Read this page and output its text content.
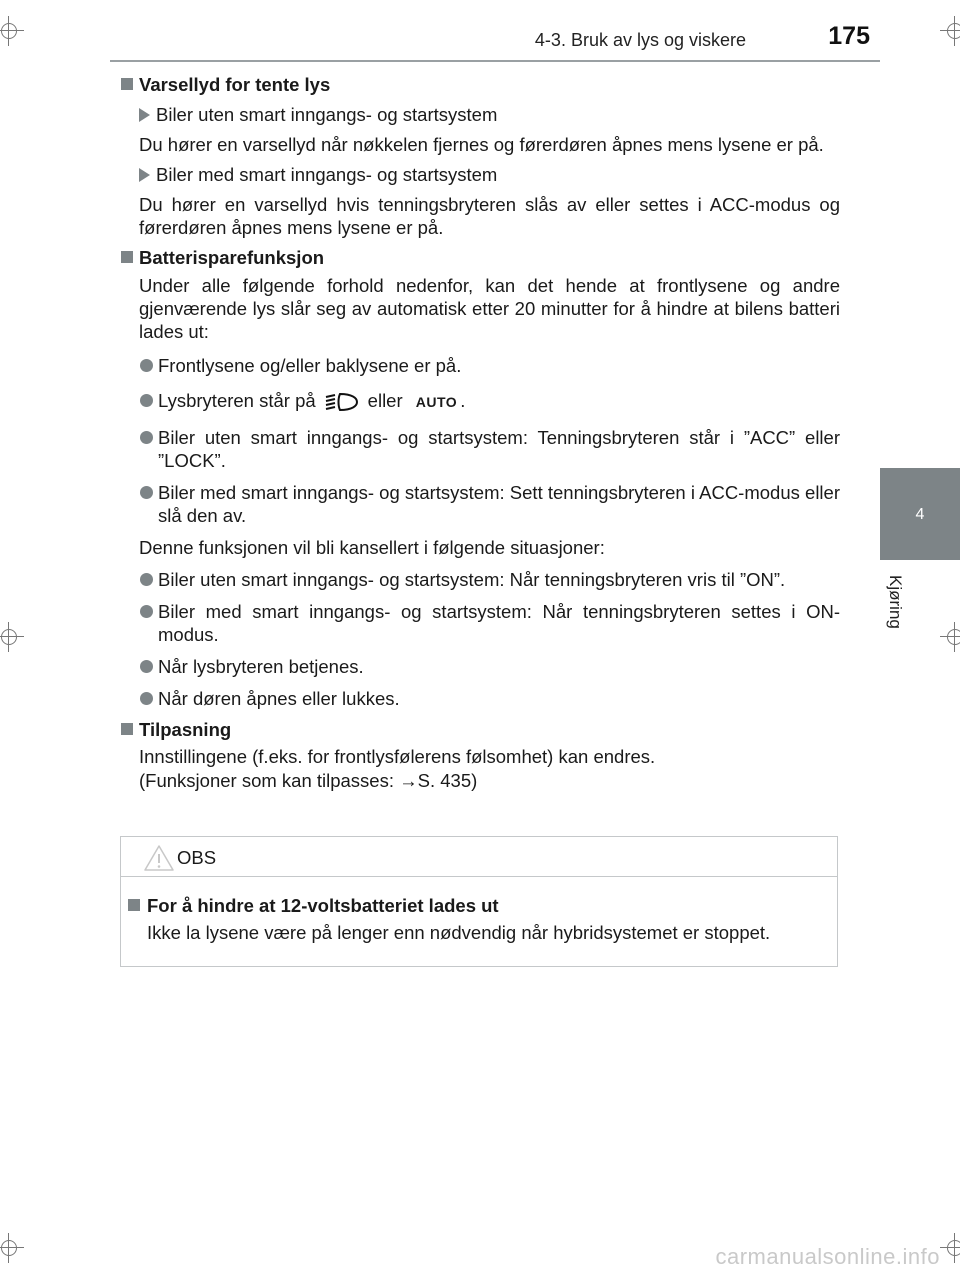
4-3. Bruk av lys og viskere	175
4
Kjøring
Varsellyd for tente lys
Biler uten smart inngangs- og startsystem
Du hører en varsellyd når nøkkelen fjernes og førerdøren åpnes mens lysene er på.
Biler med smart inngangs- og startsystem
Du hører en varsellyd hvis tenningsbryteren slås av eller settes i ACC-modus og førerdøren åpnes mens lysene er på.
Batterisparefunksjon
Under alle følgende forhold nedenfor, kan det hende at frontlysene og andre gjenværende lys slår seg av automatisk etter 20 minutter for å hindre at bilens batteri lades ut:
Frontlysene og/eller baklysene er på.
Lysbryteren står på	eller AUTO .
Biler uten smart inngangs- og startsystem: Tenningsbryteren står i ”ACC” eller ”LOCK”.
Biler med smart inngangs- og startsystem: Sett tenningsbryteren i ACC-modus eller slå den av.
Denne funksjonen vil bli kansellert i følgende situasjoner:
Biler uten smart inngangs- og startsystem: Når tenningsbryteren vris til ”ON”.
Biler med smart inngangs- og startsystem: Når tenningsbryteren settes i ON-modus.
Når lysbryteren betjenes.
Når døren åpnes eller lukkes.
Tilpasning
Innstillingene (f.eks. for frontlysfølerens følsomhet) kan endres.
(Funksjoner som kan tilpasses: →S. 435)
OBS
For å hindre at 12-voltsbatteriet lades ut
Ikke la lysene være på lenger enn nødvendig når hybridsystemet er stoppet.
carmanualsonline.info
